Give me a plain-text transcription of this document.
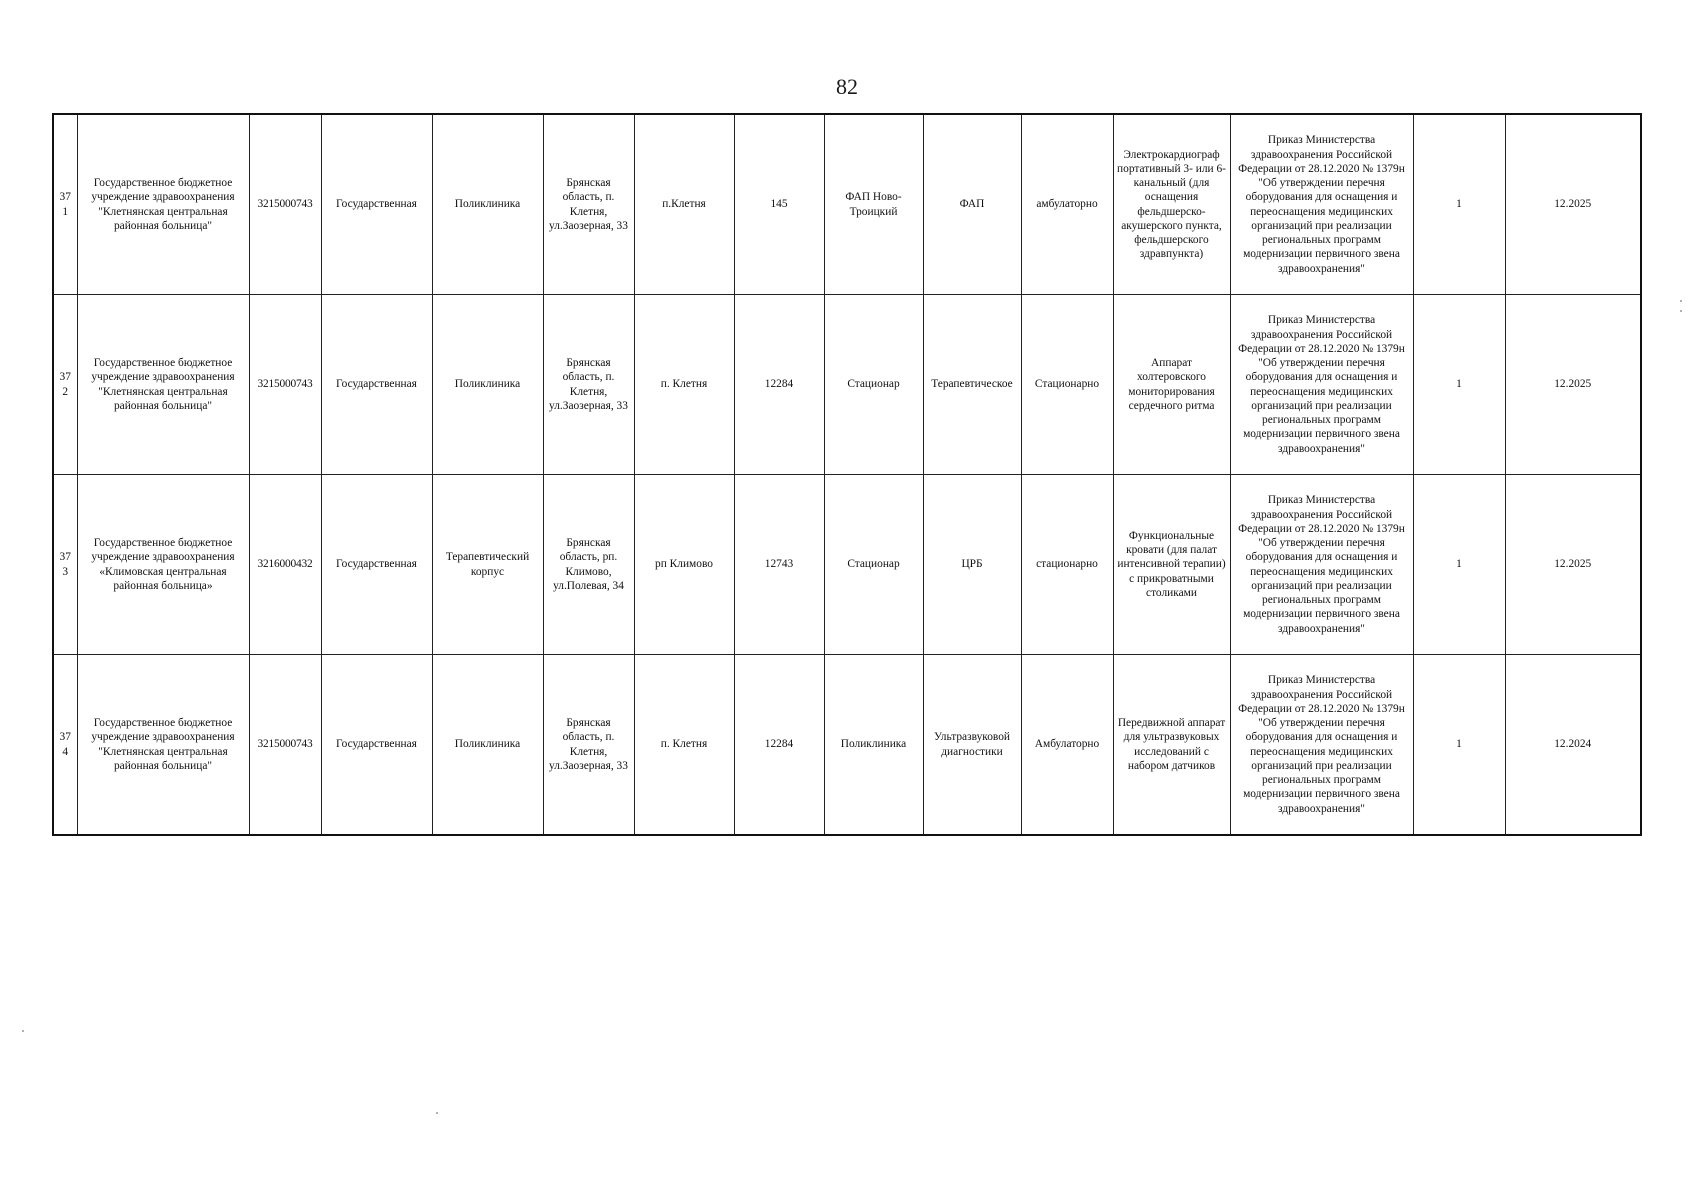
82
371	Государственное бюджетное учреждение здравоохранения "Клетнянская центральная районная больница"	3215000743	Государственная	Поликлиника	Брянская область, п. Клетня, ул.Заозерная, 33	п.Клетня	145	ФАП Ново-Троицкий	ФАП	амбулаторно	Электрокардиограф портативный 3- или 6-канальный (для оснащения фельдшерско-акушерского пункта, фельдшерского здравпункта)	Приказ Министерства здравоохранения Российской Федерации от 28.12.2020 № 1379н "Об утверждении перечня оборудования для оснащения и переоснащения медицинских организаций при реализации региональных программ модернизации первичного звена здравоохранения"	1	12.2025
372	Государственное бюджетное учреждение здравоохранения "Клетнянская центральная районная больница"	3215000743	Государственная	Поликлиника	Брянская область, п. Клетня, ул.Заозерная, 33	п. Клетня	12284	Стационар	Терапевтическое	Стационарно	Аппарат холтеровского мониторирования сердечного ритма	Приказ Министерства здравоохранения Российской Федерации от 28.12.2020 № 1379н "Об утверждении перечня оборудования для оснащения и переоснащения медицинских организаций при реализации региональных программ модернизации первичного звена здравоохранения"	1	12.2025
373	Государственное бюджетное учреждение здравоохранения «Климовская центральная районная больница»	3216000432	Государственная	Терапевтический корпус	Брянская область, рп. Климово, ул.Полевая, 34	рп Климово	12743	Стационар	ЦРБ	стационарно	Функциональные кровати (для палат интенсивной терапии) с прикроватными столиками	Приказ Министерства здравоохранения Российской Федерации от 28.12.2020 № 1379н "Об утверждении перечня оборудования для оснащения и переоснащения медицинских организаций при реализации региональных программ модернизации первичного звена здравоохранения"	1	12.2025
374	Государственное бюджетное учреждение здравоохранения "Клетнянская центральная районная больница"	3215000743	Государственная	Поликлиника	Брянская область, п. Клетня, ул.Заозерная, 33	п. Клетня	12284	Поликлиника	Ультразвуковой диагностики	Амбулаторно	Передвижной аппарат для ультразвуковых исследований с набором датчиков	Приказ Министерства здравоохранения Российской Федерации от 28.12.2020 № 1379н "Об утверждении перечня оборудования для оснащения и переоснащения медицинских организаций при реализации региональных программ модернизации первичного звена здравоохранения"	1	12.2024
